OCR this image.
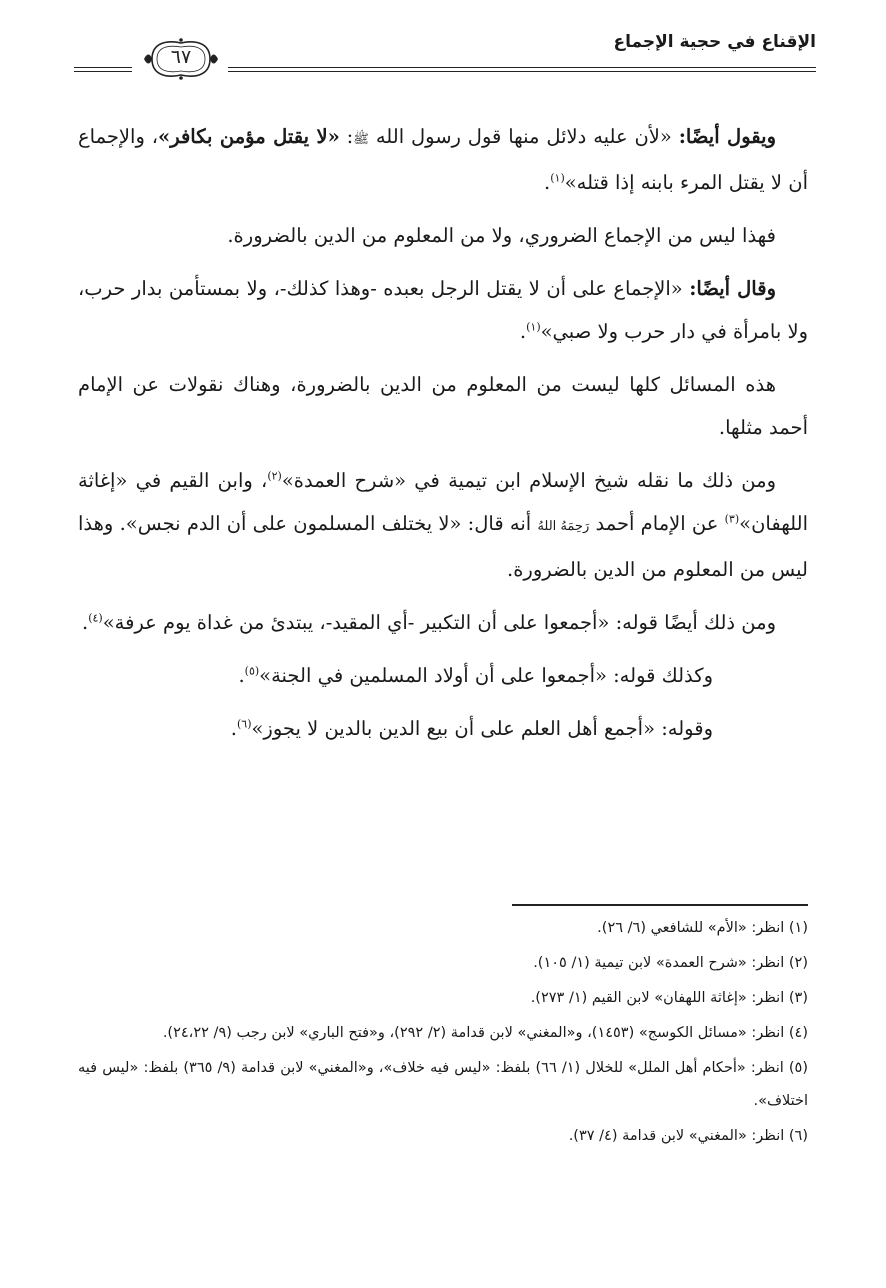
الإقناع في حجية الإجماع
٦٧

ويقول أيضًا: «لأن عليه دلائل منها قول رسول الله ﷺ: «لا يقتل مؤمن بكافر»، والإجماع أن لا يقتل المرء بابنه إذا قتله»$^{(١)}$.

فهذا ليس من الإجماع الضروري، ولا من المعلوم من الدين بالضرورة.

وقال أيضًا: «الإجماع على أن لا يقتل الرجل بعبده -وهذا كذلك-، ولا بمستأمن بدار حرب، ولا بامرأة في دار حرب ولا صبي»$^{(١)}$.

هذه المسائل كلها ليست من المعلوم من الدين بالضرورة، وهناك نقولات عن الإمام أحمد مثلها.

ومن ذلك ما نقله شيخ الإسلام ابن تيمية في «شرح العمدة»$^{(٢)}$، وابن القيم في «إغاثة اللهفان»$^{(٣)}$ عن الإمام أحمد رَحِمَهُ اللهُ أنه قال: «لا يختلف المسلمون على أن الدم نجس». وهذا ليس من المعلوم من الدين بالضرورة.

ومن ذلك أيضًا قوله: «أجمعوا على أن التكبير -أي المقيد-، يبتدئ من غداة يوم عرفة»$^{(٤)}$.

وكذلك قوله: «أجمعوا على أن أولاد المسلمين في الجنة»$^{(٥)}$.

وقوله: «أجمع أهل العلم على أن بيع الدين بالدين لا يجوز»$^{(٦)}$.

(١) انظر: «الأم» للشافعي (٦/ ٢٦).
(٢) انظر: «شرح العمدة» لابن تيمية (١/ ١٠٥).
(٣) انظر: «إغاثة اللهفان» لابن القيم (١/ ٢٧٣).
(٤) انظر: «مسائل الكوسج» (١٤٥٣)، و«المغني» لابن قدامة (٢/ ٢٩٢)، و«فتح الباري» لابن رجب (٩/ ٢٤،٢٢).
(٥) انظر: «أحكام أهل الملل» للخلال (١/ ٦٦) بلفظ: «ليس فيه خلاف»، و«المغني» لابن قدامة (٩/ ٣٦٥) بلفظ: «ليس فيه اختلاف».
(٦) انظر: «المغني» لابن قدامة (٤/ ٣٧).
